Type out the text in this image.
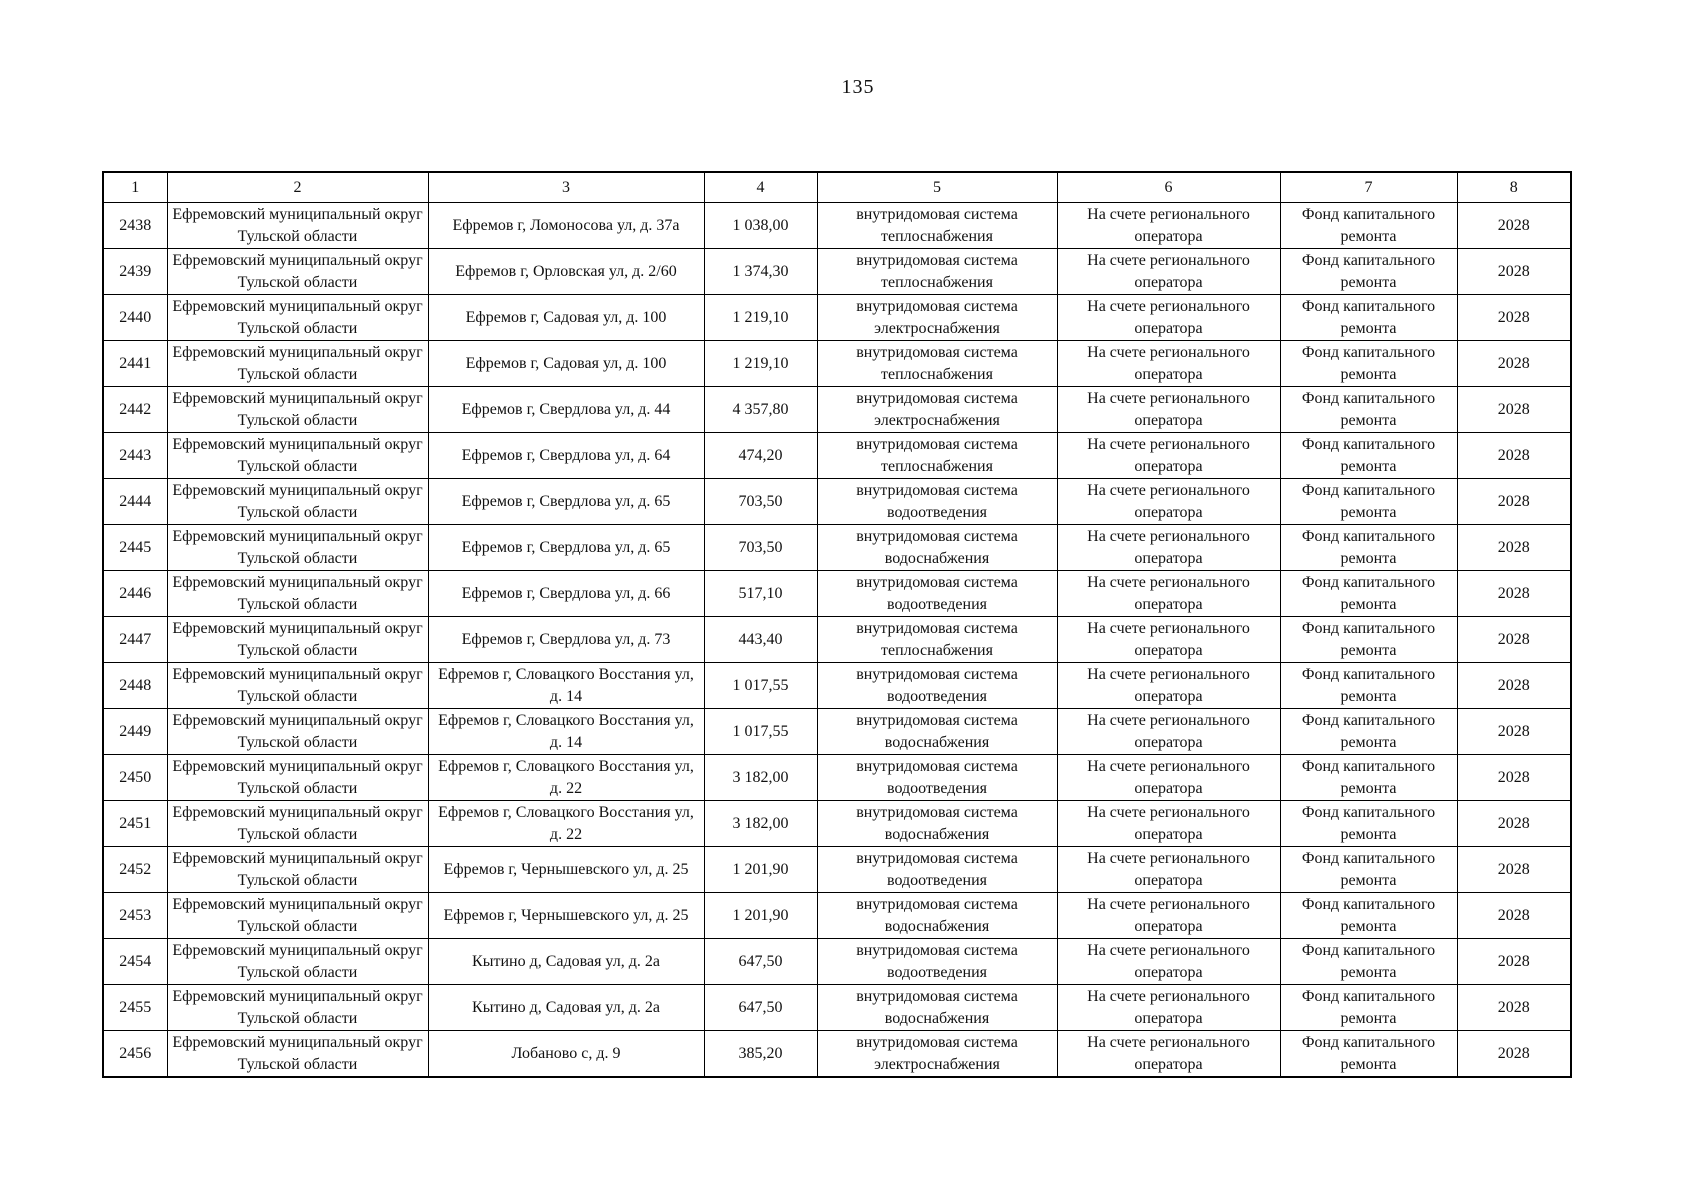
135
1	2	3	4	5	6	7	8

2438	Ефремовский муниципальный округ Тульской области	Ефремов г, Ломоносова ул, д. 37а	1 038,00	внутридомовая система теплоснабжения	На счете регионального оператора	Фонд капитального ремонта	2028

2439	Ефремовский муниципальный округ Тульской области	Ефремов г, Орловская ул, д. 2/60	1 374,30	внутридомовая система теплоснабжения	На счете регионального оператора	Фонд капитального ремонта	2028

2440	Ефремовский муниципальный округ Тульской области	Ефремов г, Садовая ул, д. 100	1 219,10	внутридомовая система электроснабжения	На счете регионального оператора	Фонд капитального ремонта	2028

2441	Ефремовский муниципальный округ Тульской области	Ефремов г, Садовая ул, д. 100	1 219,10	внутридомовая система теплоснабжения	На счете регионального оператора	Фонд капитального ремонта	2028

2442	Ефремовский муниципальный округ Тульской области	Ефремов г, Свердлова ул, д. 44	4 357,80	внутридомовая система электроснабжения	На счете регионального оператора	Фонд капитального ремонта	2028

2443	Ефремовский муниципальный округ Тульской области	Ефремов г, Свердлова ул, д. 64	474,20	внутридомовая система теплоснабжения	На счете регионального оператора	Фонд капитального ремонта	2028

2444	Ефремовский муниципальный округ Тульской области	Ефремов г, Свердлова ул, д. 65	703,50	внутридомовая система водоотведения	На счете регионального оператора	Фонд капитального ремонта	2028

2445	Ефремовский муниципальный округ Тульской области	Ефремов г, Свердлова ул, д. 65	703,50	внутридомовая система водоснабжения	На счете регионального оператора	Фонд капитального ремонта	2028

2446	Ефремовский муниципальный округ Тульской области	Ефремов г, Свердлова ул, д. 66	517,10	внутридомовая система водоотведения	На счете регионального оператора	Фонд капитального ремонта	2028

2447	Ефремовский муниципальный округ Тульской области	Ефремов г, Свердлова ул, д. 73	443,40	внутридомовая система теплоснабжения	На счете регионального оператора	Фонд капитального ремонта	2028

2448	Ефремовский муниципальный округ Тульской области	Ефремов г, Словацкого Восстания ул, д. 14	1 017,55	внутридомовая система водоотведения	На счете регионального оператора	Фонд капитального ремонта	2028

2449	Ефремовский муниципальный округ Тульской области	Ефремов г, Словацкого Восстания ул, д. 14	1 017,55	внутридомовая система водоснабжения	На счете регионального оператора	Фонд капитального ремонта	2028

2450	Ефремовский муниципальный округ Тульской области	Ефремов г, Словацкого Восстания ул, д. 22	3 182,00	внутридомовая система водоотведения	На счете регионального оператора	Фонд капитального ремонта	2028

2451	Ефремовский муниципальный округ Тульской области	Ефремов г, Словацкого Восстания ул, д. 22	3 182,00	внутридомовая система водоснабжения	На счете регионального оператора	Фонд капитального ремонта	2028

2452	Ефремовский муниципальный округ Тульской области	Ефремов г, Чернышевского ул, д. 25	1 201,90	внутридомовая система водоотведения	На счете регионального оператора	Фонд капитального ремонта	2028

2453	Ефремовский муниципальный округ Тульской области	Ефремов г, Чернышевского ул, д. 25	1 201,90	внутридомовая система водоснабжения	На счете регионального оператора	Фонд капитального ремонта	2028

2454	Ефремовский муниципальный округ Тульской области	Кытино д, Садовая ул, д. 2а	647,50	внутридомовая система водоотведения	На счете регионального оператора	Фонд капитального ремонта	2028

2455	Ефремовский муниципальный округ Тульской области	Кытино д, Садовая ул, д. 2а	647,50	внутридомовая система водоснабжения	На счете регионального оператора	Фонд капитального ремонта	2028

2456	Ефремовский муниципальный округ Тульской области	Лобаново с, д. 9	385,20	внутридомовая система электроснабжения	На счете регионального оператора	Фонд капитального ремонта	2028
